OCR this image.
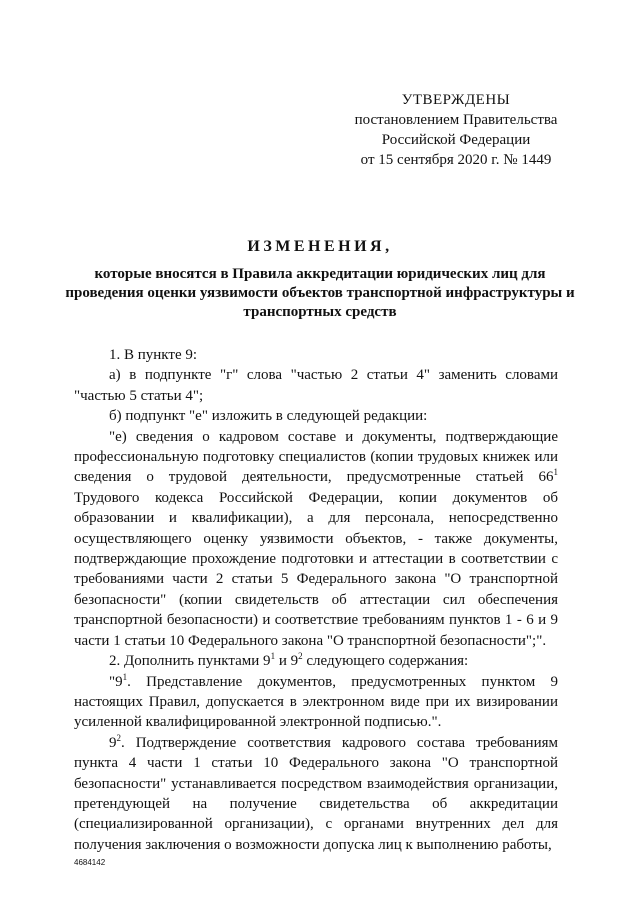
УТВЕРЖДЕНЫ
постановлением Правительства
Российской Федерации
от 15 сентября 2020 г. № 1449
ИЗМЕНЕНИЯ,
которые вносятся в Правила аккредитации юридических лиц для проведения оценки уязвимости объектов транспортной инфраструктуры и транспортных средств
1. В пункте 9:
а) в подпункте "г" слова "частью 2 статьи 4" заменить словами "частью 5 статьи 4";
б) подпункт "е" изложить в следующей редакции:
"е) сведения о кадровом составе и документы, подтверждающие профессиональную подготовку специалистов (копии трудовых книжек или сведения о трудовой деятельности, предусмотренные статьей $66^1$ Трудового кодекса Российской Федерации, копии документов об образовании и квалификации), а для персонала, непосредственно осуществляющего оценку уязвимости объектов, - также документы, подтверждающие прохождение подготовки и аттестации в соответствии с требованиями части 2 статьи 5 Федерального закона "О транспортной безопасности" (копии свидетельств об аттестации сил обеспечения транспортной безопасности) и соответствие требованиям пунктов 1 - 6 и 9 части 1 статьи 10 Федерального закона "О транспортной безопасности";".
2. Дополнить пунктами $9^1$ и $9^2$ следующего содержания:
"$9^1$. Представление документов, предусмотренных пунктом 9 настоящих Правил, допускается в электронном виде при их визировании усиленной квалифицированной электронной подписью.".
$9^2$. Подтверждение соответствия кадрового состава требованиям пункта 4 части 1 статьи 10 Федерального закона "О транспортной безопасности" устанавливается посредством взаимодействия организации, претендующей на получение свидетельства об аккредитации (специализированной организации), с органами внутренних дел для получения заключения о возможности допуска лиц к выполнению работы,
4684142
